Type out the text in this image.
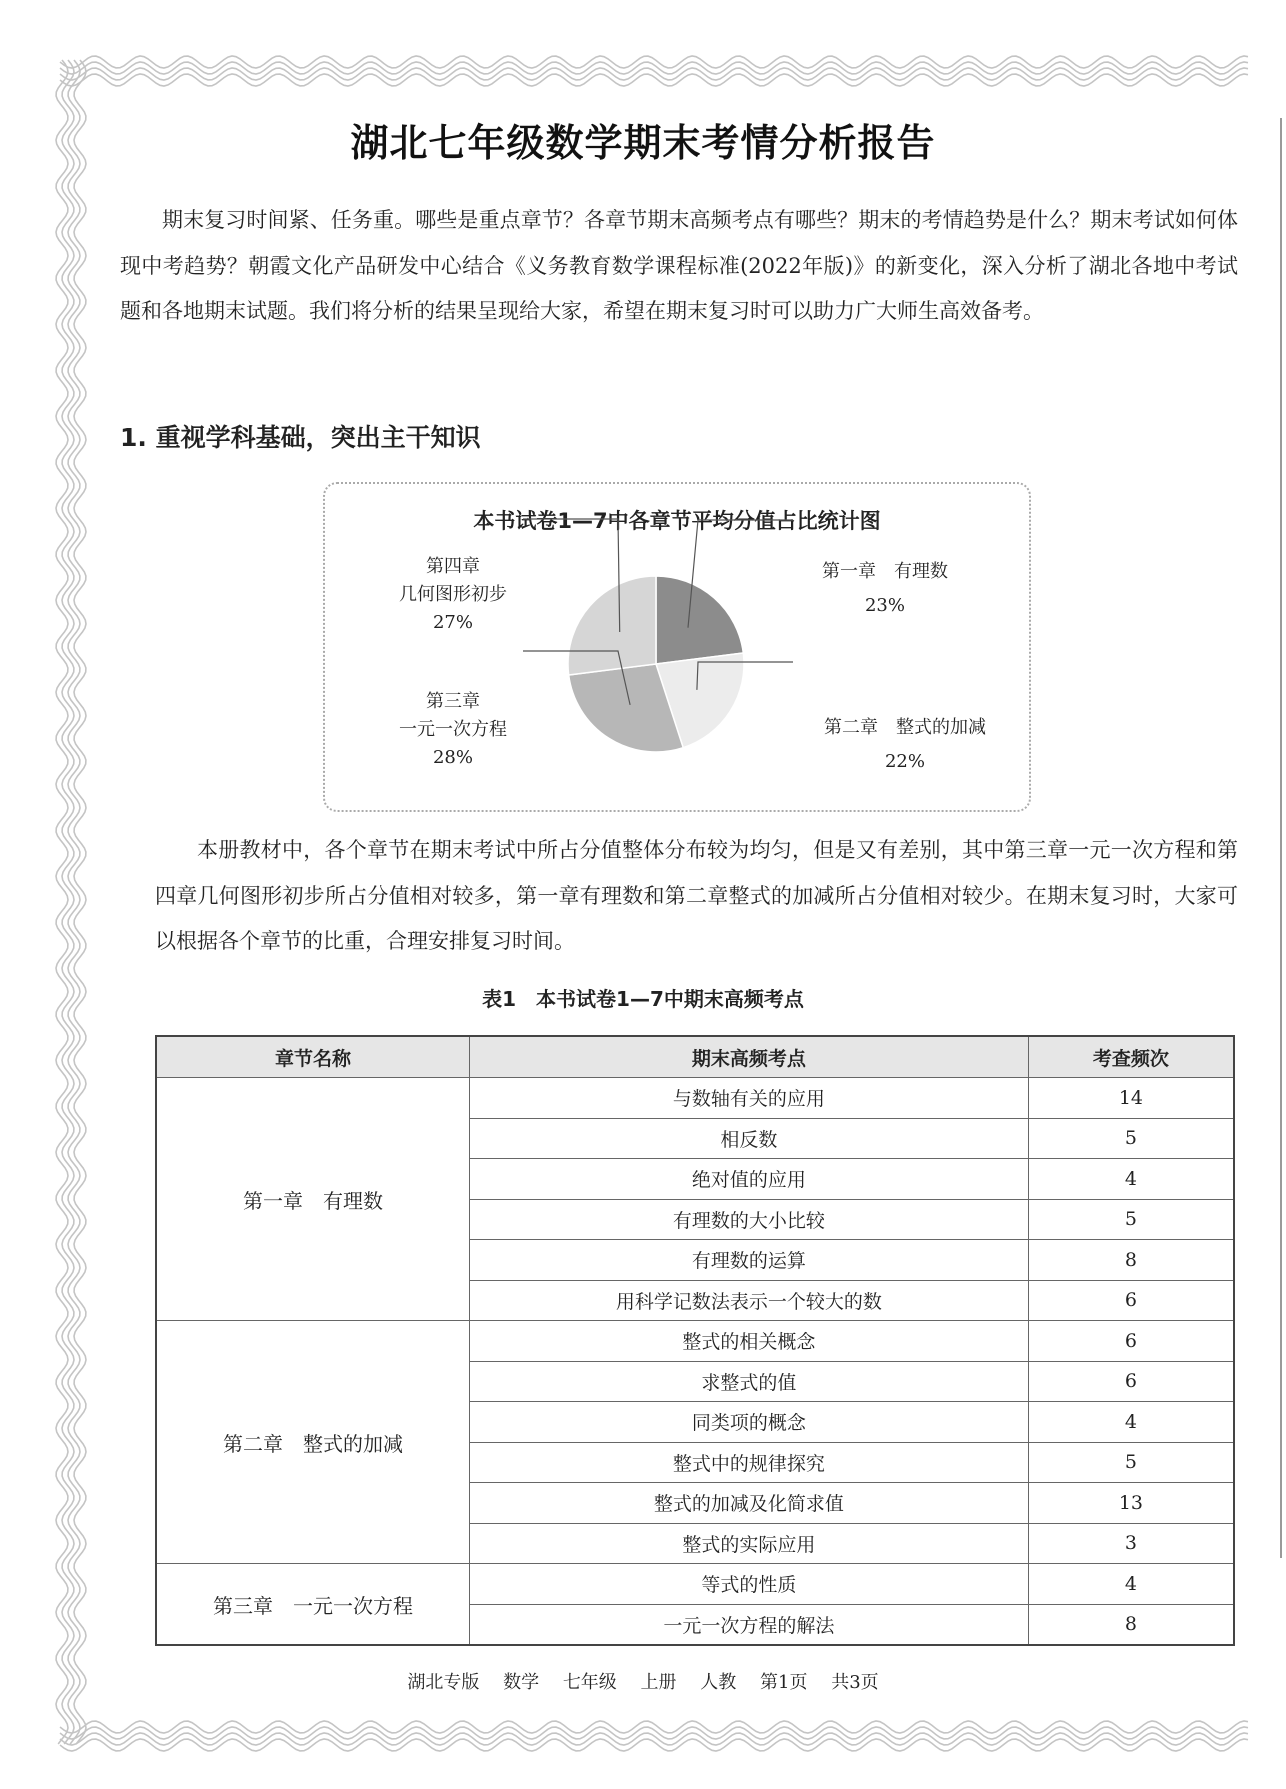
湖北七年级数学期末考情分析报告

期末复习时间紧、任务重。哪些是重点章节？各章节期末高频考点有哪些？期末的考情趋势是什么？期末考试如何体现中考趋势？朝霞文化产品研发中心结合《义务教育数学课程标准(2022年版)》的新变化，深入分析了湖北各地中考试题和各地期末试题。我们将分析的结果呈现给大家，希望在期末复习时可以助力广大师生高效备考。

1. 重视学科基础，突出主干知识
本书试卷1—7中各章节平均分值占比统计图
第四章
几何图形初步
27%
第三章
一元一次方程
28%
第一章　 有理数
23%
第二章　 整式的加减
22%

本册教材中，各个章节在期末考试中所占分值整体分布较为均匀，但是又有差别，其中第三章一元一次方程和第四章几何图形初步所占分值相对较多，第一章有理数和第二章整式的加减所占分值相对较少。在期末复习时，大家可以根据各个章节的比重，合理安排复习时间。

表1　本书试卷1—7中期末高频考点
章节名称	期末高频考点	考查频次
第一章　有理数	与数轴有关的应用	14
	相反数	5
	绝对值的应用	4
	有理数的大小比较	5
	有理数的运算	8
	用科学记数法表示一个较大的数	6
第二章　整式的加减	整式的相关概念	6
	求整式的值	6
	同类项的概念	4
	整式中的规律探究	5
	整式的加减及化简求值	13
	整式的实际应用	3
第三章　一元一次方程	等式的性质	4
	一元一次方程的解法	8
湖北专版 数学 七年级 上册 人教 第1页 共3页
